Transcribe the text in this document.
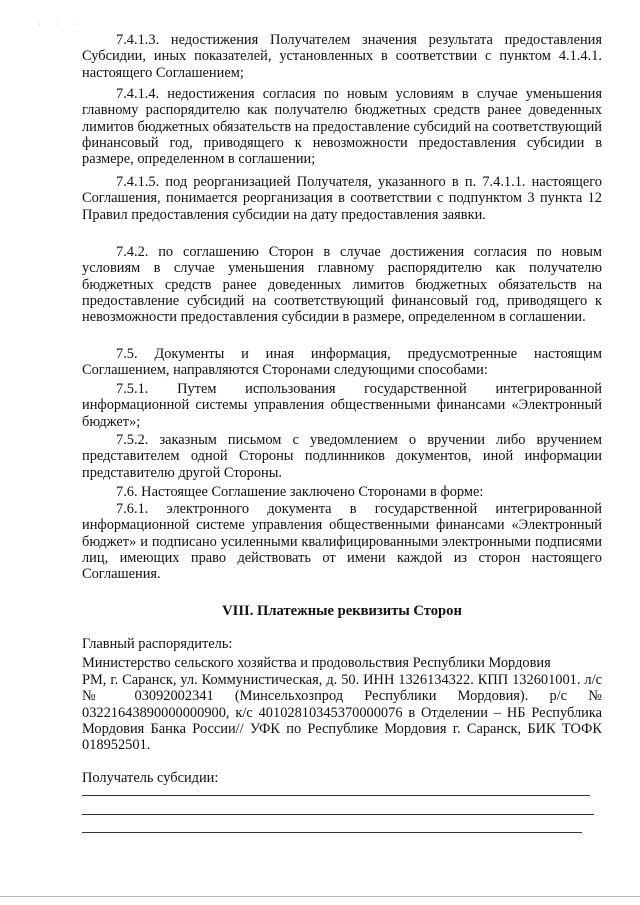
˙ ˙ ˙
7.4.1.3. недостижения Получателем значения результата предоставления Субсидии, иных показателей, установленных в соответствии с пунктом 4.1.4.1. настоящего Соглашением;
7.4.1.4. недостижения согласия по новым условиям в случае уменьшения главному распорядителю как получателю бюджетных средств ранее доведенных лимитов бюджетных обязательств на предоставление субсидий на соответствующий финансовый год, приводящего к невозможности предоставления субсидии в размере, определенном в соглашении;
7.4.1.5. под реорганизацией Получателя, указанного в п. 7.4.1.1. настоящего Соглашения, понимается реорганизация в соответствии с подпунктом 3 пункта 12 Правил предоставления субсидии на дату предоставления заявки.
7.4.2. по соглашению Сторон в случае достижения согласия по новым условиям в случае уменьшения главному распорядителю как получателю бюджетных средств ранее доведенных лимитов бюджетных обязательств на предоставление субсидий на соответствующий финансовый год, приводящего к невозможности предоставления субсидии в размере, определенном в соглашении.
7.5. Документы и иная информация, предусмотренные настоящим Соглашением, направляются Сторонами следующими способами:
7.5.1. Путем использования государственной интегрированной информационной системы управления общественными финансами «Электронный бюджет»;
7.5.2. заказным письмом с уведомлением о вручении либо вручением представителем одной Стороны подлинников документов, иной информации представителю другой Стороны.
7.6. Настоящее Соглашение заключено Сторонами в форме:
7.6.1. электронного документа в государственной интегрированной информационной системе управления общественными финансами «Электронный бюджет» и подписано усиленными квалифицированными электронными подписями лиц, имеющих право действовать от имени каждой из сторон настоящего Соглашения.
VIII. Платежные реквизиты Сторон
Главный распорядитель:
Министерство сельского хозяйства и продовольствия Республики Мордовия
РМ, г. Саранск, ул. Коммунистическая, д. 50. ИНН 1326134322. КПП 132601001. л/с № 03092002341 (Минсельхозпрод Республики Мордовия). р/с № 03221643890000000900, к/с 40102810345370000076 в Отделении – НБ Республика Мордовия Банка России// УФК по Республике Мордовия г. Саранск, БИК ТОФК 018952501.
Получатель субсидии:
